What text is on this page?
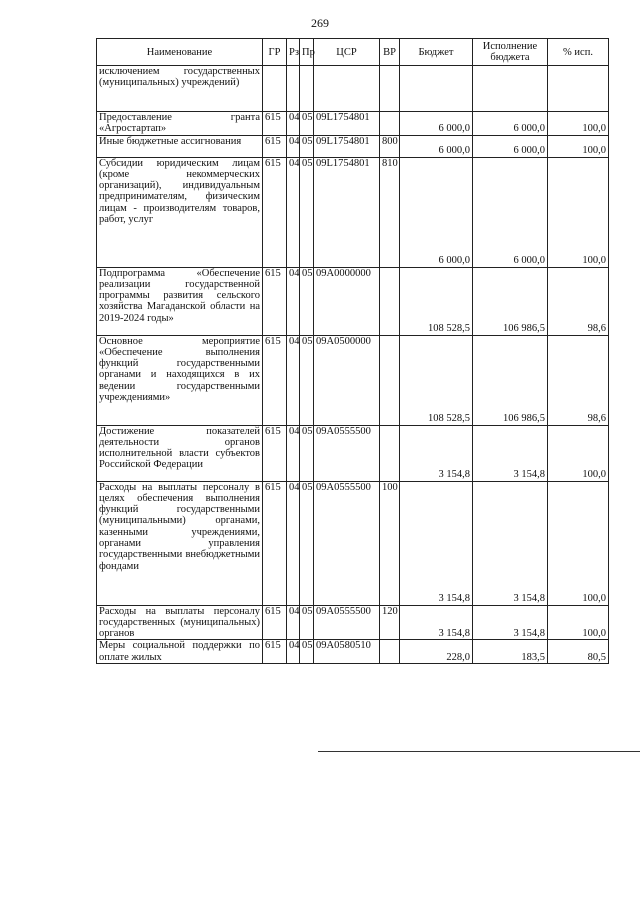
269
Наименование	ГР	Рз	Пр	ЦСР	ВР	Бюджет	Исполнение бюджета	% исп.
исключением государственных (муниципальных) учреждений)								
Предоставление гранта «Агростартап»	615	04	05	09L1754801		6 000,0	6 000,0	100,0
Иные бюджетные ассигнования	615	04	05	09L1754801	800	6 000,0	6 000,0	100,0
Субсидии юридическим лицам (кроме некоммерческих организаций), индивидуальным предпринимателям, физическим лицам - производителям товаров, работ, услуг	615	04	05	09L1754801	810	6 000,0	6 000,0	100,0
Подпрограмма «Обеспечение реализации государственной программы развития сельского хозяйства Магаданской области на 2019-2024 годы»	615	04	05	09A0000000		108 528,5	106 986,5	98,6
Основное мероприятие «Обеспечение выполнения функций государственными органами и находящихся в их ведении государственными учреждениями»	615	04	05	09A0500000		108 528,5	106 986,5	98,6
Достижение показателей деятельности органов исполнительной власти субъектов Российской Федерации	615	04	05	09A0555500		3 154,8	3 154,8	100,0
Расходы на выплаты персоналу в целях обеспечения выполнения функций государственными (муниципальными) органами, казенными учреждениями, органами управления государственными внебюджетными фондами	615	04	05	09A0555500	100	3 154,8	3 154,8	100,0
Расходы на выплаты персоналу государственных (муниципальных) органов	615	04	05	09A0555500	120	3 154,8	3 154,8	100,0
Меры социальной поддержки по оплате жилых	615	04	05	09A0580510		228,0	183,5	80,5
